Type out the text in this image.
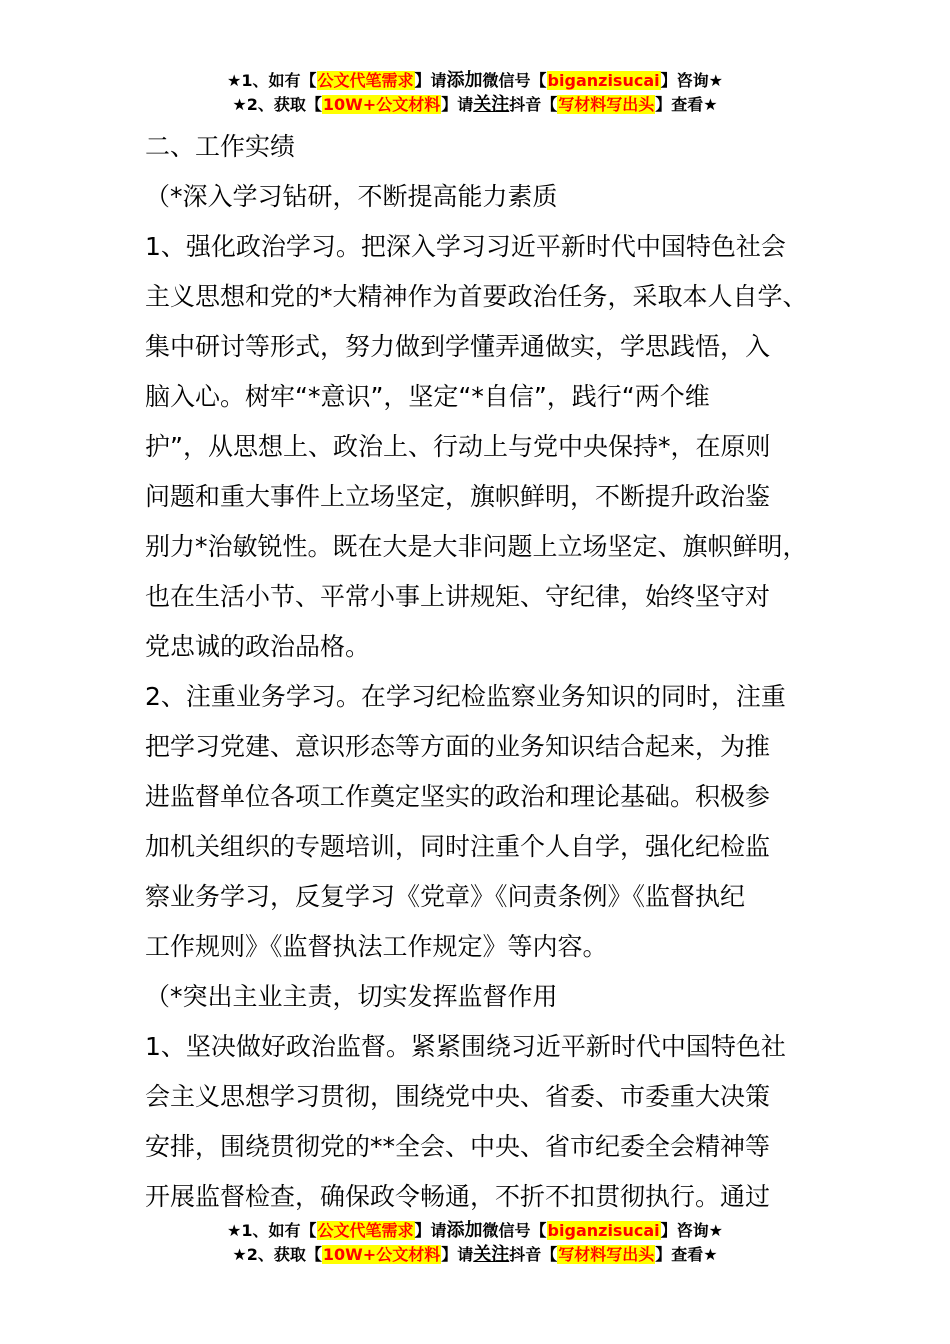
★1、如有【公文代笔需求】请添加微信号【biganzisucai】咨询★
★2、获取【10W+公文材料】请关注抖音【写材料写出头】查看★
二、工作实绩
（*深入学习钻研，不断提高能力素质
1、强化政治学习。把深入学习习近平新时代中国特色社会
主义思想和党的*大精神作为首要政治任务，采取本人自学、
集中研讨等形式，努力做到学懂弄通做实，学思践悟，入
脑入心。树牢“*意识”，坚定“*自信”，践行“两个维
护”，从思想上、政治上、行动上与党中央保持*，在原则
问题和重大事件上立场坚定，旗帜鲜明，不断提升政治鉴
别力*治敏锐性。既在大是大非问题上立场坚定、旗帜鲜明，
也在生活小节、平常小事上讲规矩、守纪律，始终坚守对
党忠诚的政治品格。
2、注重业务学习。在学习纪检监察业务知识的同时，注重
把学习党建、意识形态等方面的业务知识结合起来，为推
进监督单位各项工作奠定坚实的政治和理论基础。积极参
加机关组织的专题培训，同时注重个人自学，强化纪检监
察业务学习，反复学习《党章》《问责条例》《监督执纪
工作规则》《监督执法工作规定》等内容。
（*突出主业主责，切实发挥监督作用
1、坚决做好政治监督。紧紧围绕习近平新时代中国特色社
会主义思想学习贯彻，围绕党中央、省委、市委重大决策
安排，围绕贯彻党的**全会、中央、省市纪委全会精神等
开展监督检查，确保政令畅通，不折不扣贯彻执行。通过
★1、如有【公文代笔需求】请添加微信号【biganzisucai】咨询★
★2、获取【10W+公文材料】请关注抖音【写材料写出头】查看★
